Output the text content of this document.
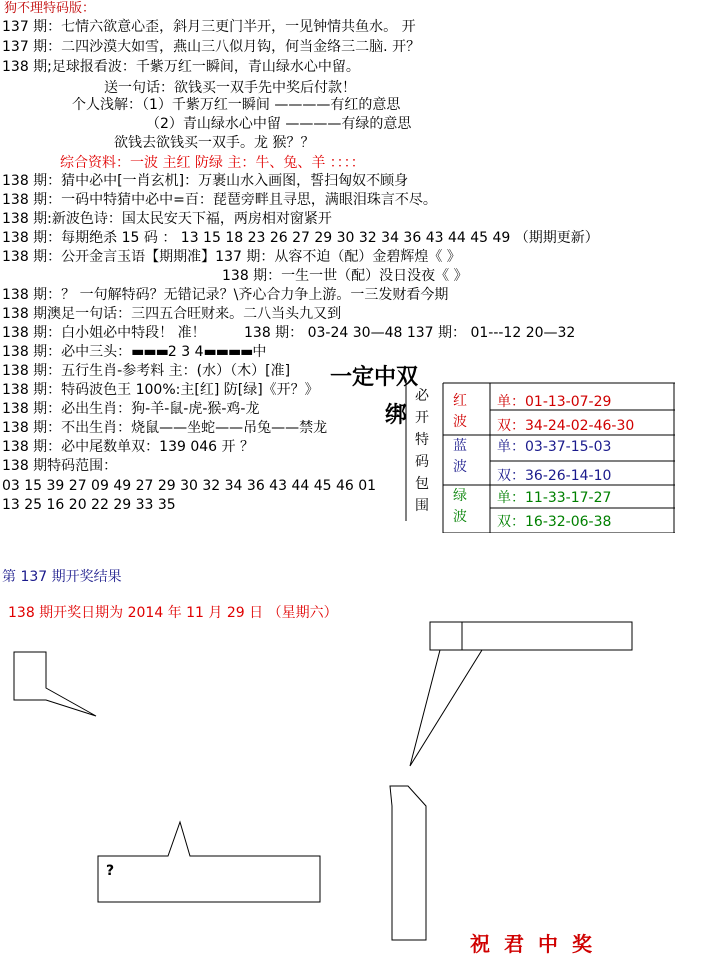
狗不理特码版：
137 期：七情六欲意心歪，斜月三更门半开，一见钟情共鱼水。 开
137 期：二四沙漠大如雪，燕山三八似月钩，何当金络三二脑. 开？
138 期;足球报看波：千紫万红一瞬间，青山绿水心中留。
送一句话：欲钱买一双手先中奖后付款！
个人浅解：（1）千紫万红一瞬间 ————有红的意思
（2）青山绿水心中留 ————有绿的意思
欲钱去欲钱买一双手。龙 猴？？
综合资料：一波 主红 防绿 主：牛、兔、羊 ：：：：
138 期：猜中必中[一肖玄机]：万裹山水入画图，誓扫匈奴不顾身
138 期：一码中特猜中必中=百：琵琶旁畔且寻思，满眼泪珠言不尽。
138 期:新波色诗：国太民安天下福，两房相对窗紧开
138 期：每期绝杀 15 码 ： 13 15 18 23 26 27 29 30 32 34 36 43 44 45 49 （期期更新）
138 期：公开金言玉语【期期准】137 期：从容不迫（配）金碧辉煌《 》
138 期：一生一世（配）没日没夜《 》
138 期：？ 一句解特码？无错记录？\齐心合力争上游。一三发财看今期
138 期澳足一句话：三四五合旺财来。二八当头九又到
138 期：白小姐必中特段！ 准！	138 期： 03-24 30—48 137 期： 01---12 20—32
138 期：必中三头：▬▬▬2 3 4▬▬▬▬中
138 期：五行生肖-参考料 主：(水）（木）[准]
138 期：特码波色王 100%:主[红] 防[绿]《开？》
138 期：必出生肖：狗-羊-鼠-虎-猴-鸡-龙
138 期：不出生肖：烧鼠——坐蛇——吊兔——禁龙
138 期：必中尾数单双：139 046 开 ？
138 期特码范围：
03 15 39 27 09 49 27 29 30 32 34 36 43 44 45 46 01
13 25 16 20 22 29 33 35
一定中双
绑
必
开
特
码
包
围
红
波
蓝
波
绿
波
单：01-13-07-29
双：34-24-02-46-30
单：03-37-15-03
双：36-26-14-10
单：11-33-17-27
双：16-32-06-38
第 137 期开奖结果
138 期开奖日期为 2014 年 11 月 29 日 （星期六）
?
祝君中奖
